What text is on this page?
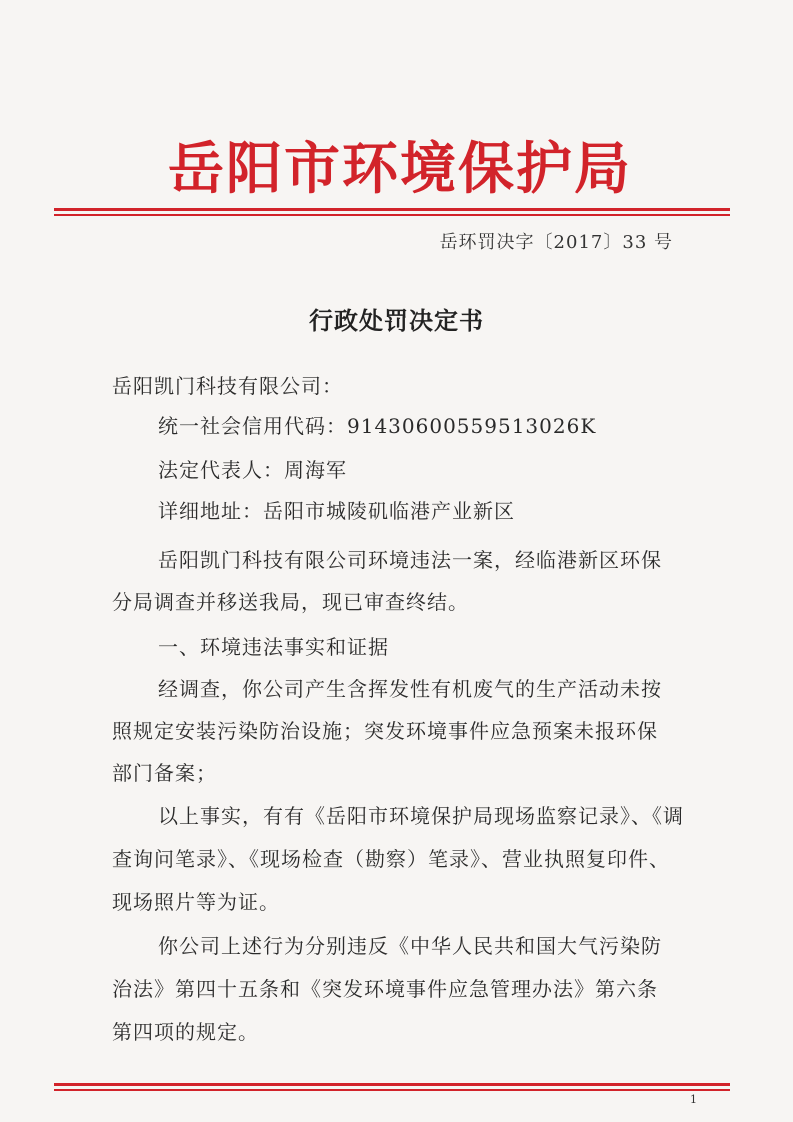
岳阳市环境保护局
岳环罚决字〔2017〕33 号
行政处罚决定书
岳阳凯门科技有限公司：
统一社会信用代码：91430600559513026K
法定代表人：周海军
详细地址：岳阳市城陵矶临港产业新区
岳阳凯门科技有限公司环境违法一案，经临港新区环保
分局调查并移送我局，现已审查终结。
一、环境违法事实和证据
经调查，你公司产生含挥发性有机废气的生产活动未按
照规定安装污染防治设施；突发环境事件应急预案未报环保
部门备案；
以上事实，有有《岳阳市环境保护局现场监察记录》、《调
查询问笔录》、《现场检查（勘察）笔录》、营业执照复印件、
现场照片等为证。
你公司上述行为分别违反《中华人民共和国大气污染防
治法》第四十五条和《突发环境事件应急管理办法》第六条
第四项的规定。
1
